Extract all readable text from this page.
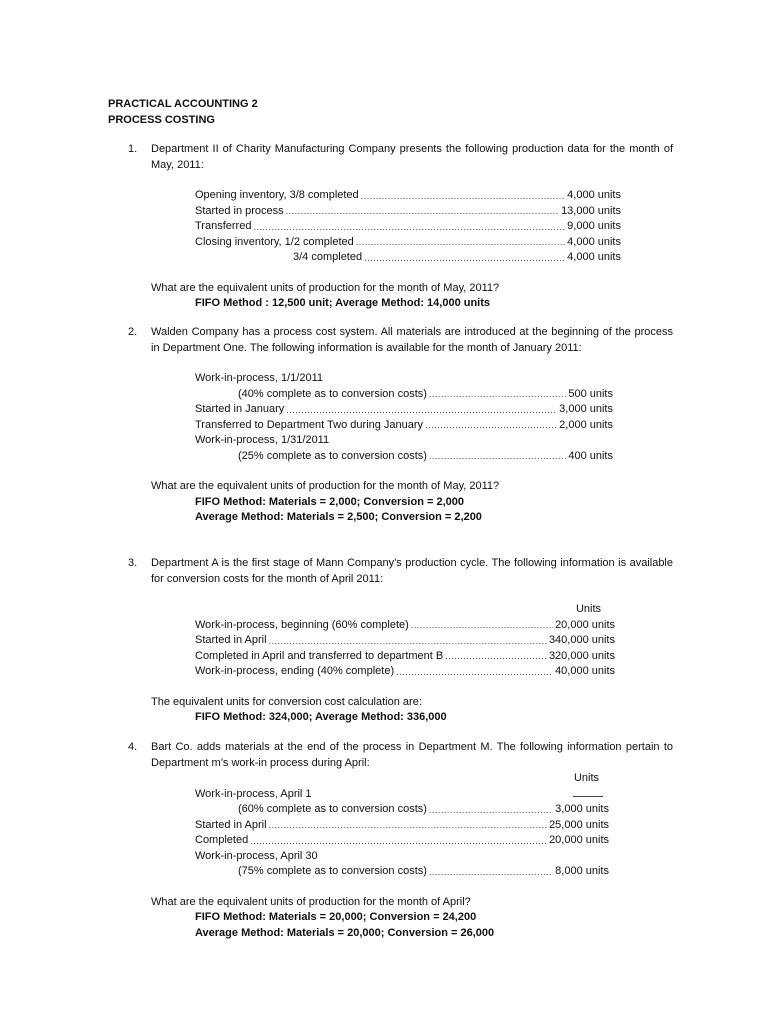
PRACTICAL ACCOUNTING 2
PROCESS COSTING
1.	Department II of Charity Manufacturing Company presents the following production data for the month of May, 2011:
Opening inventory, 3/8 completed .....	4,000 units
Started in process .....	13,000 units
Transferred .....	9,000 units
Closing inventory, 1/2 completed .....	4,000 units
3/4 completed .....	4,000 units
What are the equivalent units of production for the month of May, 2011?
FIFO Method : 12,500 unit; Average Method: 14,000 units
2.	Walden Company has a process cost system. All materials are introduced at the beginning of the process in Department One. The following information is available for the month of January 2011:
Work-in-process, 1/1/2011
(40% complete as to conversion costs) .....	500 units
Started in January .....	3,000 units
Transferred to Department Two during January .....	2,000 units
Work-in-process, 1/31/2011
(25% complete as to conversion costs) .....	400 units
What are the equivalent units of production for the month of May, 2011?
FIFO Method: Materials = 2,000; Conversion = 2,000
Average Method: Materials = 2,500; Conversion = 2,200
3.	Department A is the first stage of Mann Company’s production cycle. The following information is available for conversion costs for the month of April 2011:
Units
Work-in-process, beginning (60% complete) .....	20,000 units
Started in April .....	340,000 units
Completed in April and transferred to department B .....	320,000 units
Work-in-process, ending (40% complete) .....	40,000 units
The equivalent units for conversion cost calculation are:
FIFO Method: 324,000; Average Method: 336,000
4.	Bart Co. adds materials at the end of the process in Department M. The following information pertain to Department m’s work-in process during April:
Units
Work-in-process, April 1
(60% complete as to conversion costs) .....	3,000 units
Started in April .....	25,000 units
Completed .....	20,000 units
Work-in-process, April 30
(75% complete as to conversion costs) .....	8,000 units
What are the equivalent units of production for the month of April?
FIFO Method: Materials = 20,000; Conversion = 24,200
Average Method: Materials = 20,000; Conversion = 26,000
